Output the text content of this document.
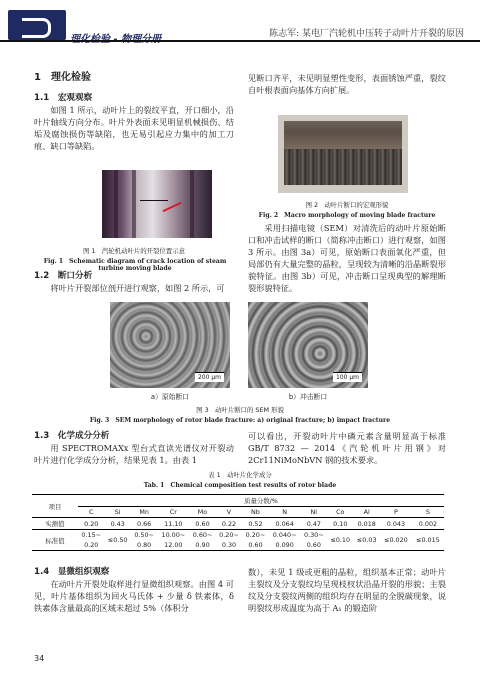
陈志军: 某电厂汽轮机中压转子动叶片开裂的原因
1　理化检验
1.1　宏观观察

如图 1 所示，动叶片上的裂纹平直，开口细小，沿叶片轴线方向分布。叶片外表面未见明显机械损伤、结垢及腐蚀损伤等缺陷，也无易引起应力集中的加工刀痕、缺口等缺陷。

图 1　汽轮机动叶片的开裂位置示意
Fig. 1　Schematic diagram of crack location of steam turbine moving blade
1.2　断口分析

将叶片开裂部位剖开进行观察，如图 2 所示，可

见断口齐平，未见明显塑性变形，表面锈蚀严重，裂纹自叶根表面向基体方向扩展。

图 2　动叶片断口的宏观形貌
Fig. 2　Macro morphology of moving blade fracture

采用扫描电镜（SEM）对清洗后的动叶片原始断口和冲击试样的断口（简称冲击断口）进行观察，如图 3 所示。由图 3a）可见，原始断口表面氧化严重，但局部仍有大量完整的晶粒，呈现较为清晰的沿晶断裂形貌特征。由图 3b）可见，冲击断口呈现典型的解理断裂形貌特征。

200 μm	100 μm
a）原始断口	b）冲击断口
图 3　动叶片断口的 SEM 形貌
Fig. 3　SEM morphology of rotor blade fracture: a) original fracture; b) impact fracture
1.3　化学成分分析

用 SPECTROMAXx 型台式直读光谱仪对开裂动叶片进行化学成分分析，结果见表 1。由表 1

可以看出，开裂动叶片中磷元素含量明显高于标准 GB/T 8732 — 2014《汽轮机叶片用钢》对 2Cr11NiMoNbVN 钢的技术要求。

表 1　动叶片化学成分
Tab. 1　Chemical composition test results of rotor blade
项目	质量分数/%												
	C	Si	Mn	Cr	Mo	V	Nb	N	Ni	Co	Al	P	S
实测值	0.20	0.43	0.66	11.10	0.60	0.22	0.52	0.064	0.47	0.10	0.018	0.043	0.002
标准值	0.15~	≤0.50	0.50~	10.00~	0.60~	0.20~	0.20~	0.040~	0.30~	≤0.10	≤0.03	≤0.020	≤0.015
	0.20		0.80	12.00	0.90	0.30	0.60	0.090	0.60				
1.4　显微组织观察

在动叶片开裂处取样进行显微组织观察。由图 4 可见，叶片基体组织为回火马氏体 + 少量 δ 铁素体，δ 铁素体含量最高的区域未超过 5%（体积分

数），未见 1 级或更粗的晶粒，组织基本正常；动叶片主裂纹及分支裂纹均呈现枝杈状沿晶开裂的形貌；主裂纹及分支裂纹两侧的组织均存在明显的全脱碳现象，说明裂纹形成温度为高于 A₁ 的锻造阶

34
